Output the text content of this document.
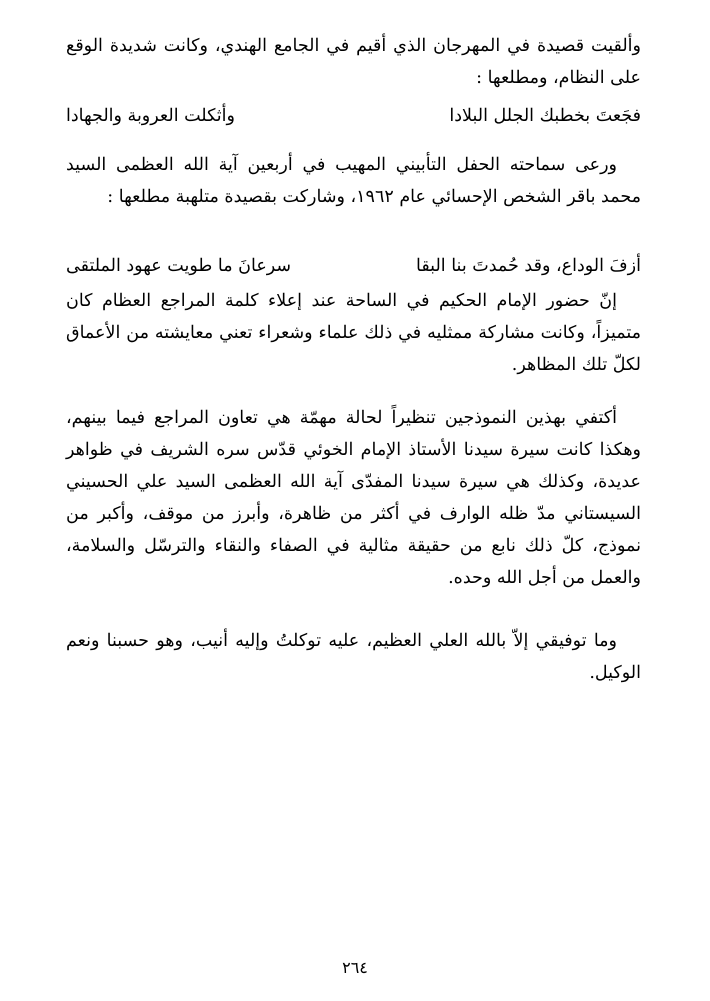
وألقيت قصيدة في المهرجان الذي أقيم في الجامع الهندي، وكانت شديدة الوقع على النظام، ومطلعها :
فجَعتَ بخطبك الجلل البلادا
وأثكلت العروبة والجهادا
ورعى سماحته الحفل التأبيني المهيب في أربعين آية الله العظمى السيد محمد باقر الشخص الإحسائي عام ١٩٦٢، وشاركت بقصيدة متلهبة مطلعها :
أزفَ الوداع، وقد حُمدتَ بنا البقا
سرعانَ ما طويت عهود الملتقى
إنّ حضور الإمام الحكيم في الساحة عند إعلاء كلمة المراجع العظام كان متميزاً، وكانت مشاركة ممثليه في ذلك علماء وشعراء تعني معايشته من الأعماق لكلّ تلك المظاهر.
أكتفي بهذين النموذجين تنظيراً لحالة مهمّة هي تعاون المراجع فيما بينهم، وهكذا كانت سيرة سيدنا الأستاذ الإمام الخوئي قدّس سره الشريف في ظواهر عديدة، وكذلك هي سيرة سيدنا المفدّى آية الله العظمى السيد علي الحسيني السيستاني مدّ ظله الوارف في أكثر من ظاهرة، وأبرز من موقف، وأكبر من نموذج، كلّ ذلك نابع من حقيقة مثالية في الصفاء والنقاء والترسّل والسلامة، والعمل من أجل الله وحده.
وما توفيقي إلاّ بالله العلي العظيم، عليه توكلتُ وإليه أنيب، وهو حسبنا ونعم الوكيل.
٢٦٤
